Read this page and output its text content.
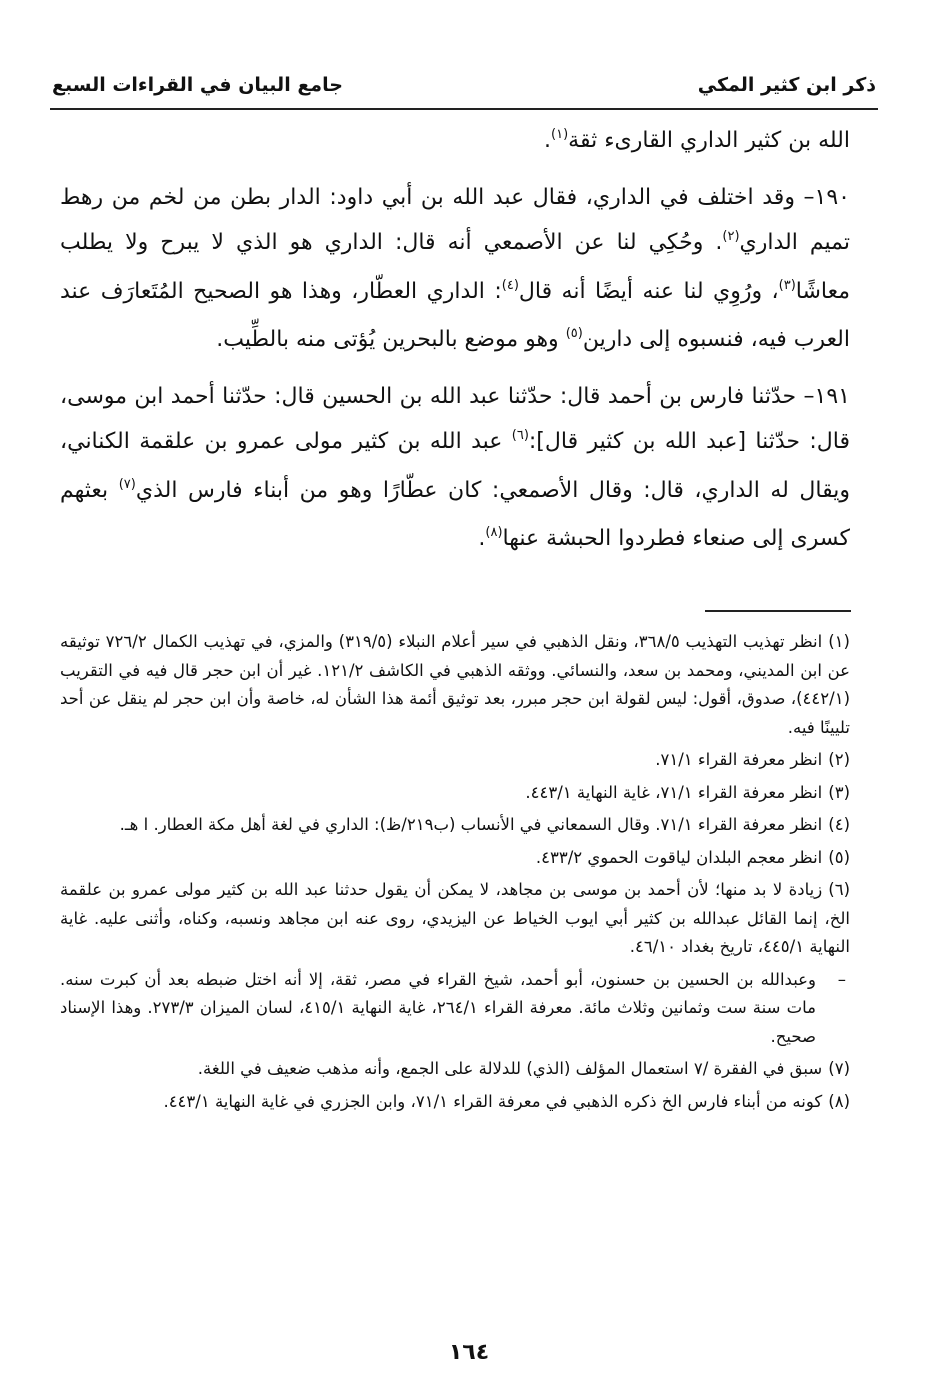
ذكر ابن كثير المكي
جامع البيان في القراءات السبع

الله بن كثير الداري القارىء ثقة$^{(١)}$.

١٩٠– وقد اختلف في الداري، فقال عبد الله بن أبي داود: الدار بطن من لخم من رهط تميم الداري$^{(٢)}$. وحُكِي لنا عن الأصمعي أنه قال: الداري هو الذي لا يبرح ولا يطلب معاشًا$^{(٣)}$، ورُوِي لنا عنه أيضًا أنه قال$^{(٤)}$: الداري العطّار، وهذا هو الصحيح المُتَعارَف عند العرب فيه، فنسبوه إلى دارين$^{(٥)}$ وهو موضع بالبحرين يُؤتى منه بالطِّيب.

١٩١– حدّثنا فارس بن أحمد قال: حدّثنا عبد الله بن الحسين قال: حدّثنا أحمد ابن موسى، قال: حدّثنا [عبد الله بن كثير قال]:$^{(٦)}$ عبد الله بن كثير مولى عمرو بن علقمة الكناني، ويقال له الداري، قال: وقال الأصمعي: كان عطّارًا وهو من أبناء فارس الذي$^{(٧)}$ بعثهم كسرى إلى صنعاء فطردوا الحبشة عنها$^{(٨)}$.

(١)انظر تهذيب التهذيب ٣٦٨/٥، ونقل الذهبي في سير أعلام النبلاء (٣١٩/٥) والمزي، في تهذيب الكمال ٧٢٦/٢ توثيقه عن ابن المديني، ومحمد بن سعد، والنسائي. ووثقه الذهبي في الكاشف ١٢١/٢. غير أن ابن حجر قال فيه في التقريب (٤٤٢/١)، صدوق، أقول: ليس لقولة ابن حجر مبرر، بعد توثيق أئمة هذا الشأن له، خاصة وأن ابن حجر لم ينقل عن أحد تليينًا فيه.
(٢)انظر معرفة القراء ٧١/١.
(٣)انظر معرفة القراء ٧١/١، غاية النهاية ٤٤٣/١.
(٤)انظر معرفة القراء ٧١/١. وقال السمعاني في الأنساب (ب٢١٩/ظ): الداري في لغة أهل مكة العطار. ا هـ.
(٥)انظر معجم البلدان لياقوت الحموي ٤٣٣/٢.
(٦)زيادة لا بد منها؛ لأن أحمد بن موسى بن مجاهد، لا يمكن أن يقول حدثنا عبد الله بن كثير مولى عمرو بن علقمة الخ، إنما القائل عبدالله بن كثير أبي ايوب الخياط عن اليزيدي، روى عنه ابن مجاهد ونسبه، وكناه، وأثنى عليه. غاية النهاية ٤٤٥/١، تاريخ بغداد ٤٦/١٠.
–
وعبدالله بن الحسين بن حسنون، أبو أحمد، شيخ القراء في مصر، ثقة، إلا أنه اختل ضبطه بعد أن كبرت سنه. مات سنة ست وثمانين وثلاث مائة. معرفة القراء ٢٦٤/١، غاية النهاية ٤١٥/١، لسان الميزان ٢٧٣/٣. وهذا الإسناد صحيح.
(٧)سبق في الفقرة /٧ استعمال المؤلف (الذي) للدلالة على الجمع، وأنه مذهب ضعيف في اللغة.
(٨)كونه من أبناء فارس الخ ذكره الذهبي في معرفة القراء ٧١/١، وابن الجزري في غاية النهاية ٤٤٣/١.
١٦٤
